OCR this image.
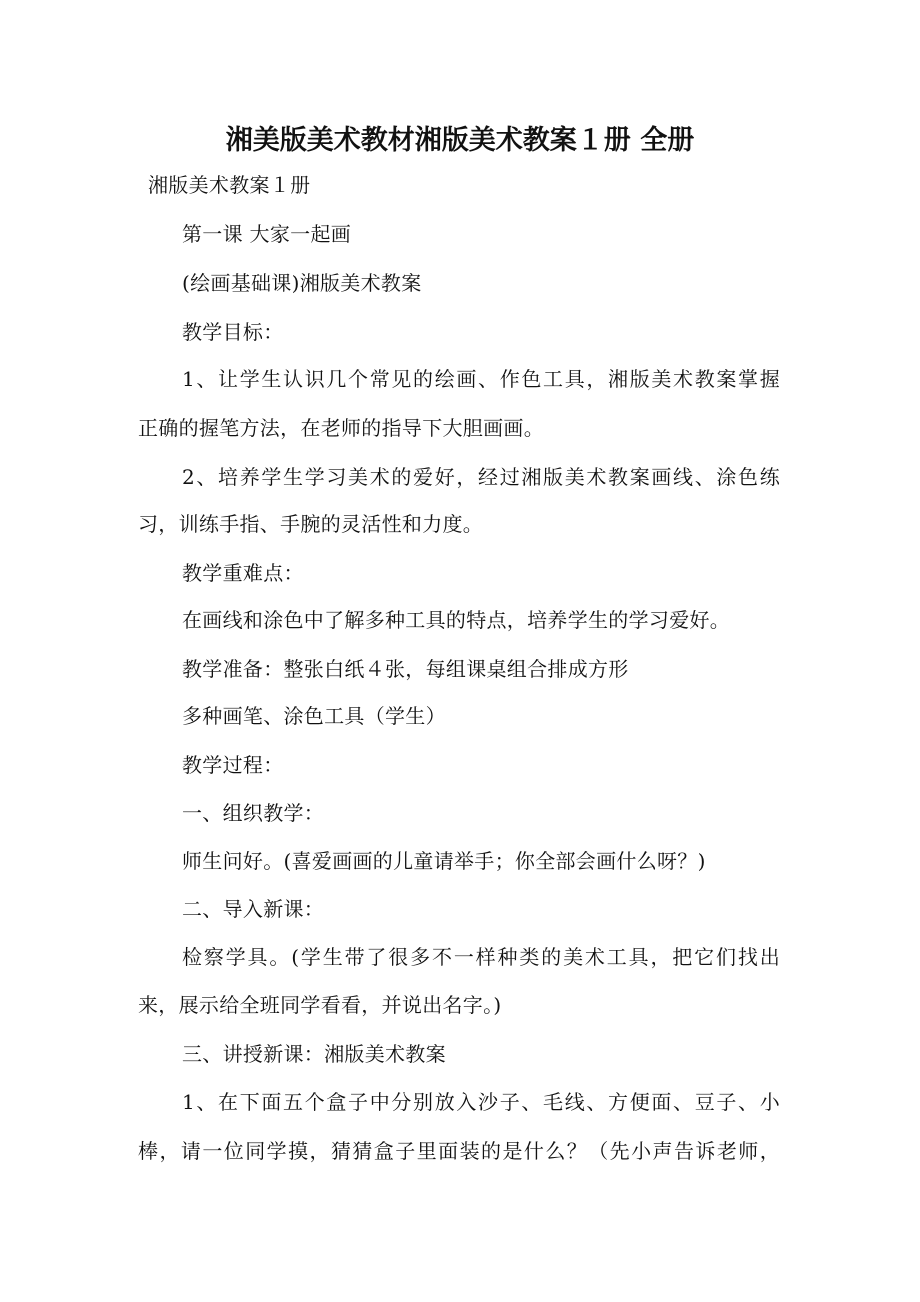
湘美版美术教材湘版美术教案１册 全册
湘版美术教案１册
第一课 大家一起画
(绘画基础课)湘版美术教案
教学目标：
1、让学生认识几个常见的绘画、作色工具，湘版美术教案掌握
正确的握笔方法，在老师的指导下大胆画画。
2、培养学生学习美术的爱好，经过湘版美术教案画线、涂色练
习，训练手指、手腕的灵活性和力度。
教学重难点：
在画线和涂色中了解多种工具的特点，培养学生的学习爱好。
教学准备：整张白纸４张，每组课桌组合排成方形
多种画笔、涂色工具（学生）
教学过程：
一、组织教学：
师生问好。(喜爱画画的儿童请举手；你全部会画什么呀？)
二、导入新课：
检察学具。(学生带了很多不一样种类的美术工具，把它们找出
来，展示给全班同学看看，并说出名字。)
三、讲授新课：湘版美术教案
1、在下面五个盒子中分别放入沙子、毛线、方便面、豆子、小
棒，请一位同学摸，猜猜盒子里面装的是什么？（先小声告诉老师，
